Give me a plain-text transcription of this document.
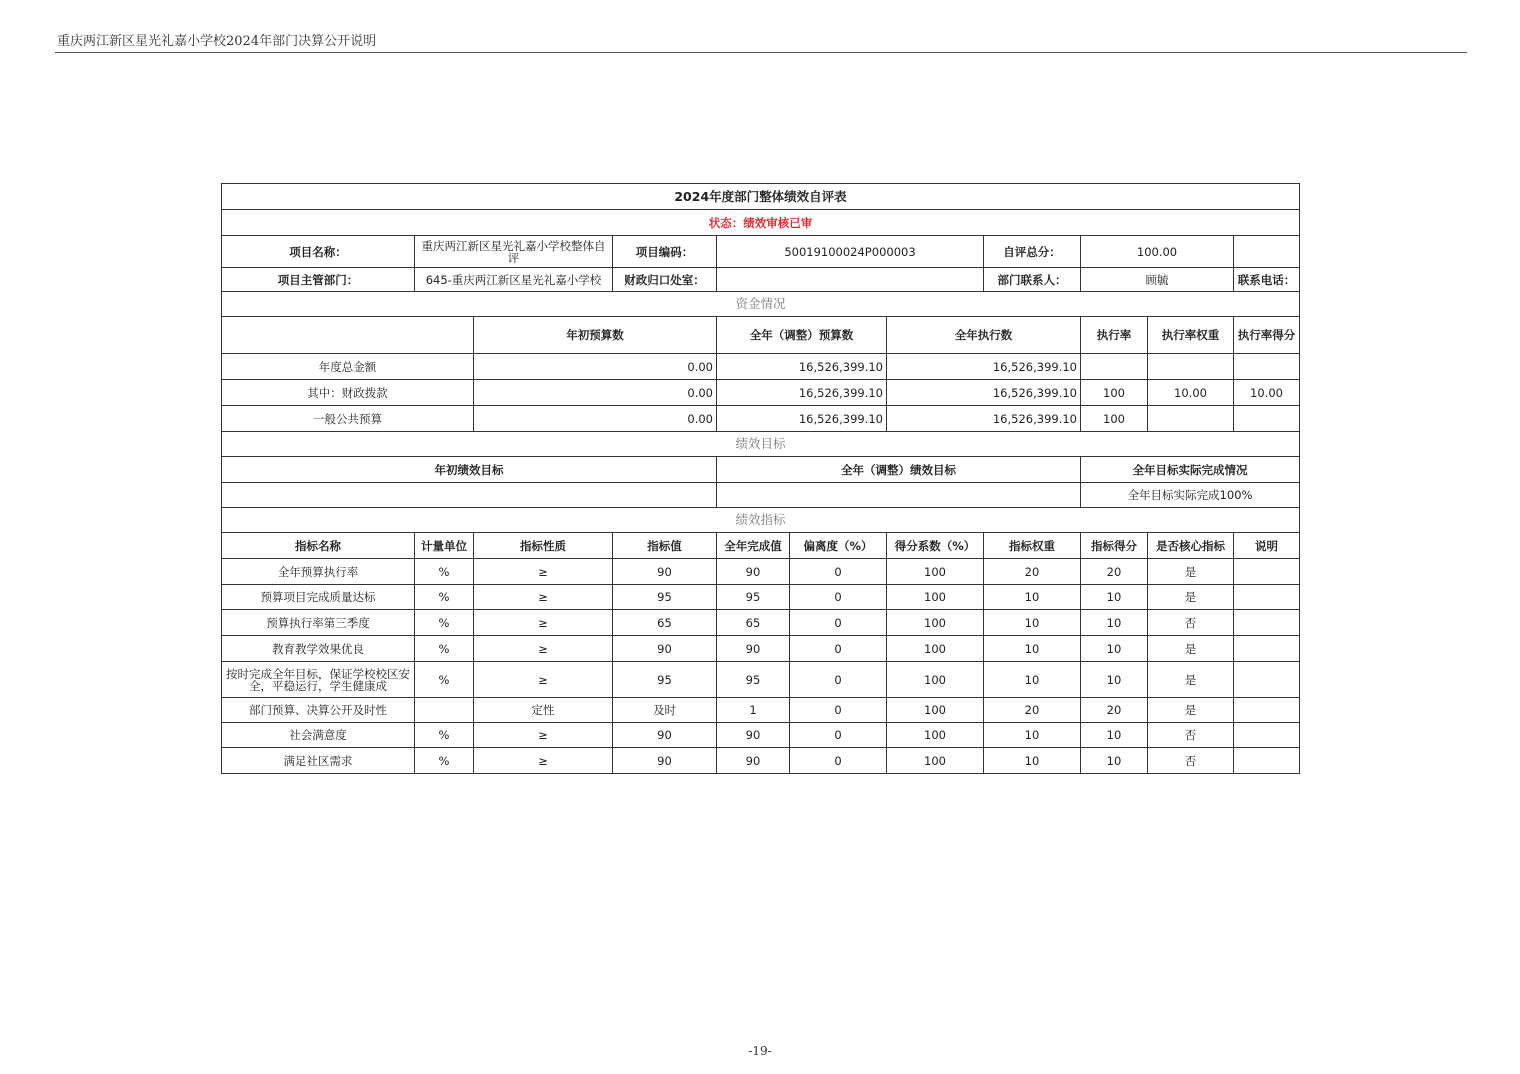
重庆两江新区星光礼嘉小学校2024年部门决算公开说明
2024年度部门整体绩效自评表											
状态：绩效审核已审											
项目名称：	重庆两江新区星光礼嘉小学校整体自评		项目编码：	50019100024P000003			自评总分：	100.00			
项目主管部门：	645-重庆两江新区星光礼嘉小学校		财政归口处室：				部门联系人：	顾毓		联系电话：	
资金情况											
		年初预算数		全年（调整）预算数		全年执行数		执行率	执行率权重	执行率得分	
年度总金额		0.00		16,526,399.10		16,526,399.10					
其中：财政拨款		0.00		16,526,399.10		16,526,399.10		100	10.00	10.00	
一般公共预算		0.00		16,526,399.10		16,526,399.10		100			
绩效目标											
年初绩效目标				全年（调整）绩效目标				全年目标实际完成情况			
								全年目标实际完成100%			
绩效指标											
指标名称	计量单位	指标性质	指标值	全年完成值	偏离度（%）	得分系数（%）	指标权重	指标得分	是否核心指标	说明	
全年预算执行率	%	≥	90	90	0	100	20	20	是		
预算项目完成质量达标	%	≥	95	95	0	100	10	10	是		
预算执行率第三季度	%	≥	65	65	0	100	10	10	否		
教育教学效果优良	%	≥	90	90	0	100	10	10	是		
按时完成全年目标，保证学校校区安全，平稳运行，学生健康成	%	≥	95	95	0	100	10	10	是		
部门预算、决算公开及时性		定性	及时	1	0	100	20	20	是		
社会满意度	%	≥	90	90	0	100	10	10	否		
满足社区需求	%	≥	90	90	0	100	10	10	否		
-19-
